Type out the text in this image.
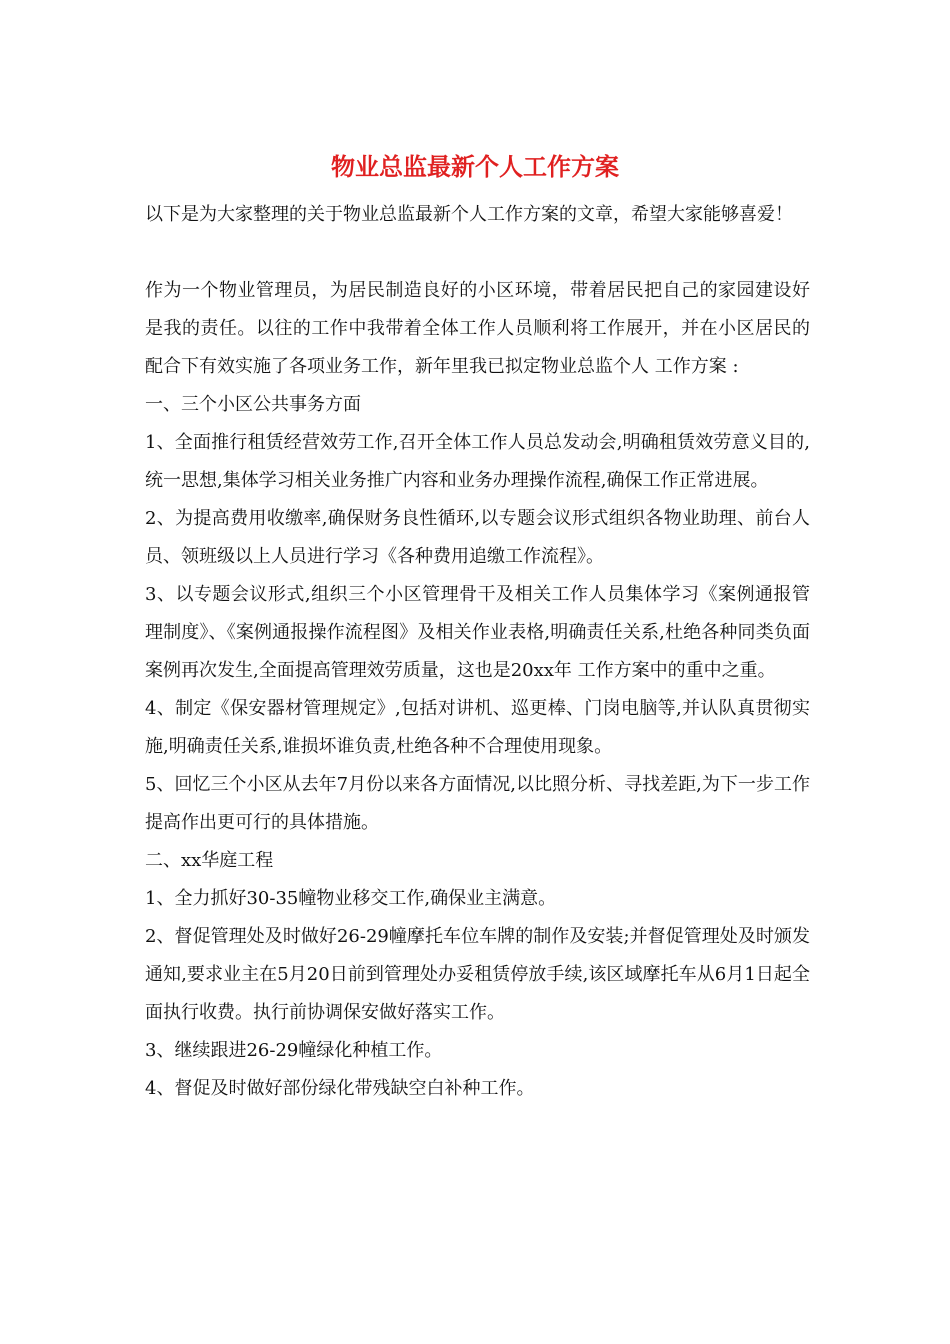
物业总监最新个人工作方案

以下是为大家整理的关于物业总监最新个人工作方案的文章，希望大家能够喜爱！

作为一个物业管理员，为居民制造良好的小区环境，带着居民把自己的家园建设好是我的责任。以往的工作中我带着全体工作人员顺利将工作展开，并在小区居民的配合下有效实施了各项业务工作，新年里我已拟定物业总监个人 工作方案 :

一、三个小区公共事务方面

1、全面推行租赁经营效劳工作,召开全体工作人员总发动会,明确租赁效劳意义目的,统一思想,集体学习相关业务推广内容和业务办理操作流程,确保工作正常进展。

2、为提高费用收缴率,确保财务良性循环,以专题会议形式组织各物业助理、前台人员、领班级以上人员进行学习《各种费用追缴工作流程》。

3、以专题会议形式,组织三个小区管理骨干及相关工作人员集体学习《案例通报管理制度》、《案例通报操作流程图》及相关作业表格,明确责任关系,杜绝各种同类负面案例再次发生,全面提高管理效劳质量，这也是20xx年 工作方案中的重中之重。

4、制定《保安器材管理规定》,包括对讲机、巡更棒、门岗电脑等,并认队真贯彻实施,明确责任关系,谁损坏谁负责,杜绝各种不合理使用现象。

5、回忆三个小区从去年7月份以来各方面情况,以比照分析、寻找差距,为下一步工作提高作出更可行的具体措施。

二、xx华庭工程

1、全力抓好30-35幢物业移交工作,确保业主满意。

2、督促管理处及时做好26-29幢摩托车位车牌的制作及安装;并督促管理处及时颁发通知,要求业主在5月20日前到管理处办妥租赁停放手续,该区域摩托车从6月1日起全面执行收费。执行前协调保安做好落实工作。

3、继续跟进26-29幢绿化种植工作。

4、督促及时做好部份绿化带残缺空白补种工作。
